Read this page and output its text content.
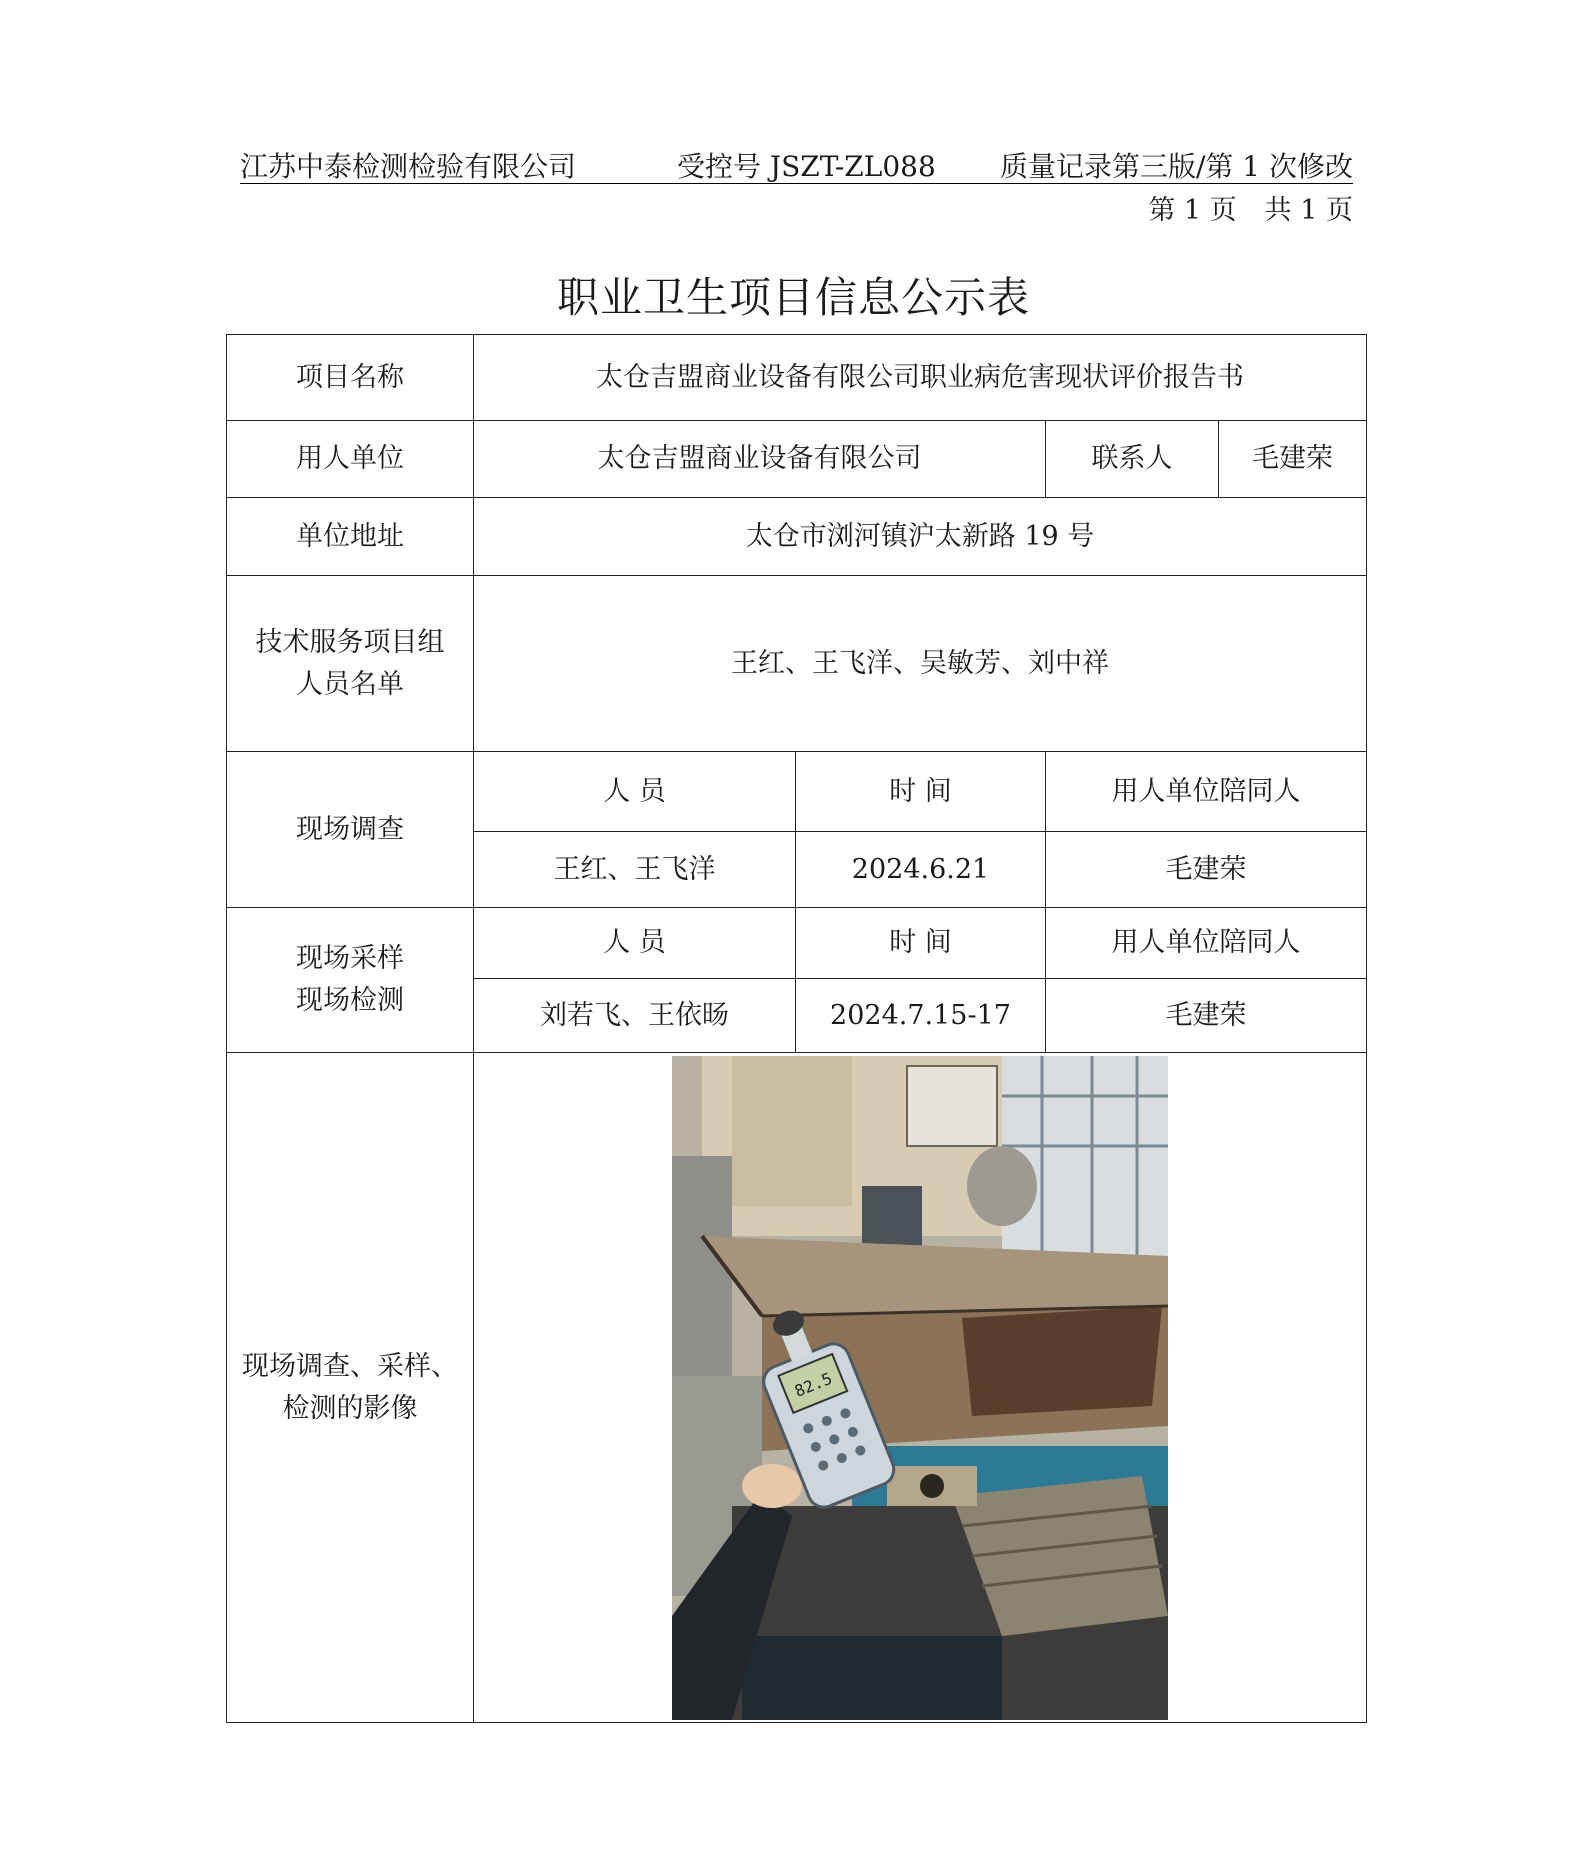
江苏中泰检测检验有限公司	受控号 JSZT-ZL088 质量记录第三版/第 1 次修改
第 1 页 共 1 页
职业卫生项目信息公示表
项目名称	太仓吉盟商业设备有限公司职业病危害现状评价报告书			
用人单位	太仓吉盟商业设备有限公司		联系人	毛建荣
单位地址	太仓市浏河镇沪太新路 19 号			

技术服务项目组
人员名单	王红、王飞洋、吴敏芳、刘中祥			
现场调查	人 员	时 间	用人单位陪同人	
	王红、王飞洋	2024.6.21	毛建荣	

现场采样
现场检测	人 员	时 间	用人单位陪同人	
	刘若飞、王依旸	2024.7.15-17	毛建荣	

现场调查、采样、
检测的影像	82.5			
